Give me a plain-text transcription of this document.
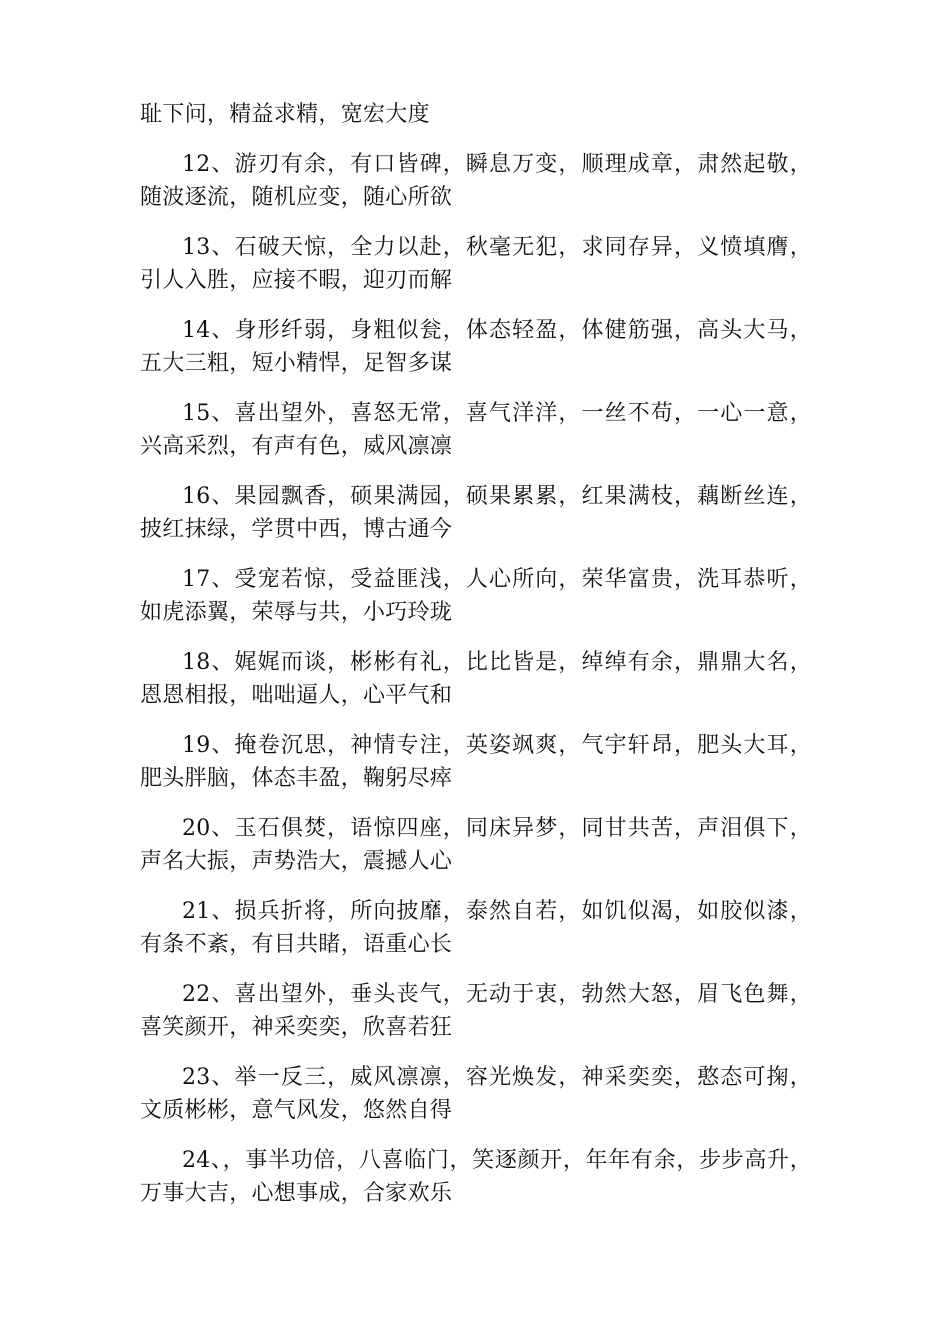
耻下问，精益求精，宽宏大度

12、游刃有余，有口皆碑，瞬息万变，顺理成章，肃然起敬，随波逐流，随机应变，随心所欲

13、石破天惊，全力以赴，秋毫无犯，求同存异，义愤填膺，引人入胜，应接不暇，迎刃而解

14、身形纤弱，身粗似瓮，体态轻盈，体健筋强，高头大马，五大三粗，短小精悍，足智多谋

15、喜出望外，喜怒无常，喜气洋洋，一丝不苟，一心一意，兴高采烈，有声有色，威风凛凛

16、果园飘香，硕果满园，硕果累累，红果满枝，藕断丝连，披红抹绿，学贯中西，博古通今

17、受宠若惊，受益匪浅，人心所向，荣华富贵，洗耳恭听，如虎添翼，荣辱与共，小巧玲珑

18、娓娓而谈，彬彬有礼，比比皆是，绰绰有余，鼎鼎大名，恩恩相报，咄咄逼人，心平气和

19、掩卷沉思，神情专注，英姿飒爽，气宇轩昂，肥头大耳，肥头胖脑，体态丰盈，鞠躬尽瘁

20、玉石俱焚，语惊四座，同床异梦，同甘共苦，声泪俱下，声名大振，声势浩大，震撼人心

21、损兵折将，所向披靡，泰然自若，如饥似渴，如胶似漆，有条不紊，有目共睹，语重心长

22、喜出望外，垂头丧气，无动于衷，勃然大怒，眉飞色舞，喜笑颜开，神采奕奕，欣喜若狂

23、举一反三，威风凛凛，容光焕发，神采奕奕，憨态可掬，文质彬彬，意气风发，悠然自得

24、，事半功倍，八喜临门，笑逐颜开，年年有余，步步高升，万事大吉，心想事成，合家欢乐
